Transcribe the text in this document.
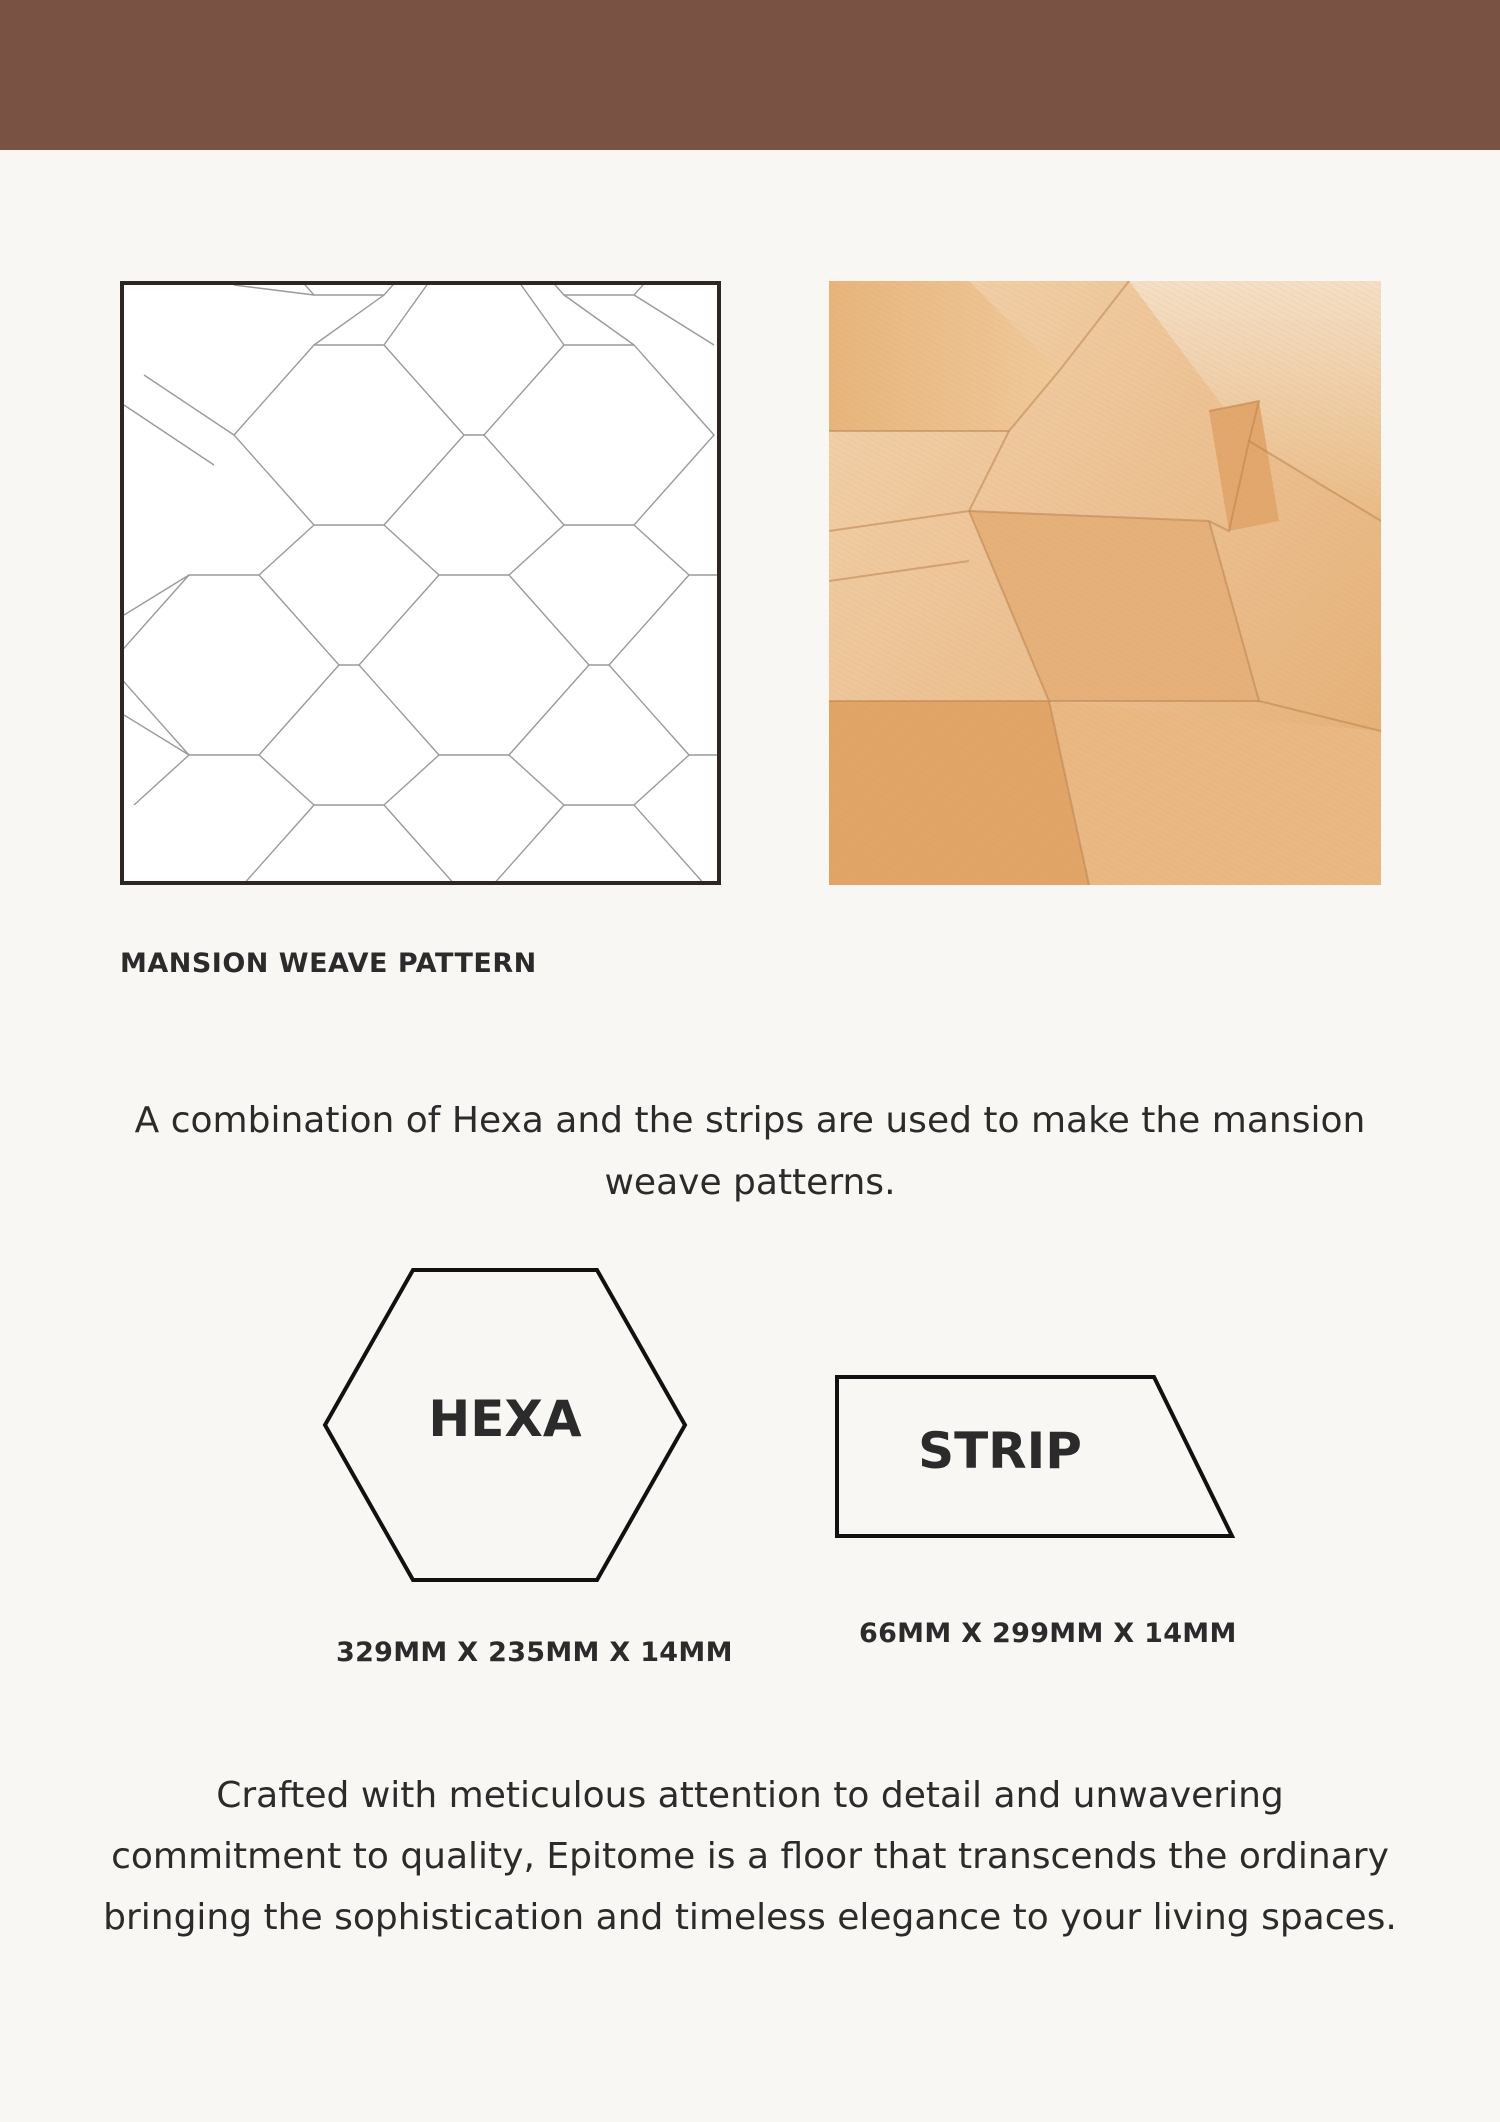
MANSION WEAVE PATTERN
A combination of Hexa and the strips are used to make the mansion weave patterns.
HEXA
329MM X 235MM X 14MM
STRIP
66MM X 299MM X 14MM
Crafted with meticulous attention to detail and unwavering commitment to quality, Epitome is a floor that transcends the ordinary bringing the sophistication and timeless elegance to your living spaces.
